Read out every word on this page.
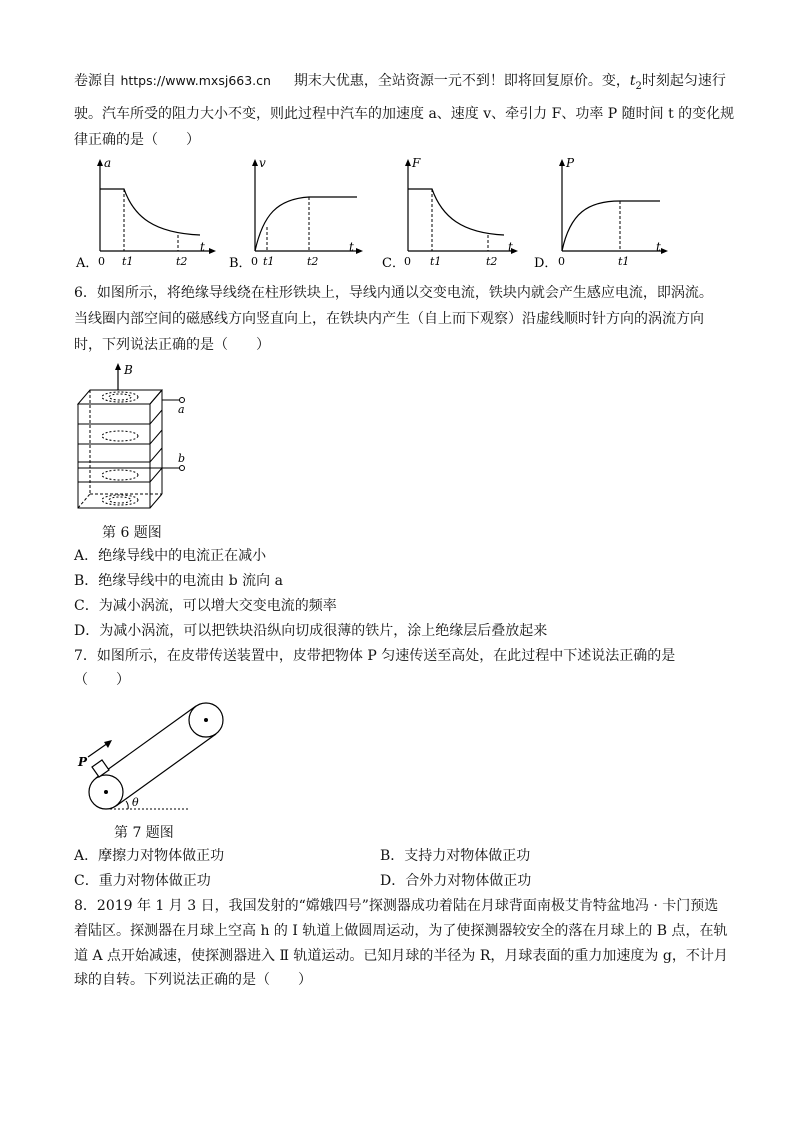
卷源自 https://www.mxsj663.cn 期末大优惠，全站资源一元不到！即将回复原价。变，$t_2$时刻起匀速行
驶。汽车所受的阻力大小不变，则此过程中汽车的加速度 a、速度 v、牵引力 F、功率 P 随时间 t 的变化规
律正确的是（　　）
A．
a
0 t1	t2
t
B．
v
0 t1	t2
t
C．
F
0 t1	t2
t
D．
P
0	t1
t
6．如图所示，将绝缘导线绕在柱形铁块上，导线内通以交变电流，铁块内就会产生感应电流，即涡流。
当线圈内部空间的磁感线方向竖直向上，在铁块内产生（自上而下观察）沿虚线顺时针方向的涡流方向
时，下列说法正确的是（　　）
B
a
b
第 6 题图
A．绝缘导线中的电流正在减小
B．绝缘导线中的电流由 b 流向 a
C．为减小涡流，可以增大交变电流的频率
D．为减小涡流，可以把铁块沿纵向切成很薄的铁片，涂上绝缘层后叠放起来
7．如图所示，在皮带传送装置中，皮带把物体 P 匀速传送至高处，在此过程中下述说法正确的是
（　　）
P
θ
第 7 题图
A．摩擦力对物体做正功	B．支持力对物体做正功
C．重力对物体做正功	D．合外力对物体做正功
8．2019 年 1 月 3 日，我国发射的“嫦娥四号”探测器成功着陆在月球背面南极艾肯特盆地冯 · 卡门预选
着陆区。探测器在月球上空高 h 的 Ⅰ 轨道上做圆周运动，为了使探测器较安全的落在月球上的 B 点，在轨
道 A 点开始减速，使探测器进入 Ⅱ 轨道运动。已知月球的半径为 R，月球表面的重力加速度为 g，不计月
球的自转。下列说法正确的是（　　）
